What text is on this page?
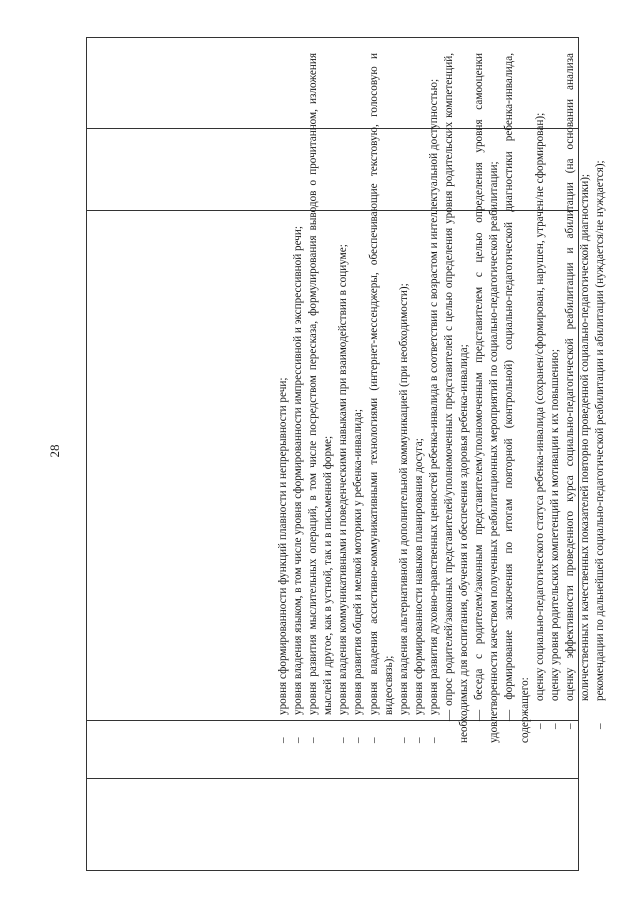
28
–
уровня сформированности функций плавности и непрерывности речи;
–
уровня владения языком, в том числе уровня сформированности импрессивной и экспрессивной речи;
–
уровня развития мыслительных операций, в том числе посредством пересказа, формулирования выводов о прочитанном, изложения мыслей и другое, как в устной, так и в письменной форме;
–
уровня владения коммуникативными и поведенческими навыками при взаимодействии в социуме;
–
уровня развития общей и мелкой моторики у ребенка-инвалида;
–
уровня владения ассистивно-коммуникативными технологиями (интернет-мессенджеры, обеспечивающие текстовую, голосовую и видеосвязь);
–
уровня владения альтернативной и дополнительной коммуникацией (при необходимости);
–
уровня сформированности навыков планирования досуга;
–
уровня развития духовно-нравственных ценностей ребенка-инвалида в соответствии с возрастом и интеллектуальной доступностью;
— опрос родителей/законных представителей/уполномоченных представителей с целью определения уровня родительских компетенций, необходимых для воспитания, обучения и обеспечения здоровья ребенка-инвалида; — беседа с родителем/законным представителем/уполномоченным представителем с целью определения уровня самооценки удовлетворенности качеством полученных реабилитационных мероприятий по социально-педагогической реабилитации; — формирование заключения по итогам повторной (контрольной) социально-педагогической диагностики ребенка-инвалида, содержащего: –
оценку социально-педагогического статуса ребенка-инвалида (сохранен/сформирован, нарушен, утрачен/не сформирован);
–
оценку уровня родительских компетенций и мотивации к их повышению;
–
оценку эффективности проведенного курса социально-педагогической реабилитации и абилитации (на основании анализа количественных и качественных показателей повторно проведенной социально-педагогической диагностики);
–
рекомендации по дальнейшей социально-педагогической реабилитации и абилитации (нуждается/не нуждается);
